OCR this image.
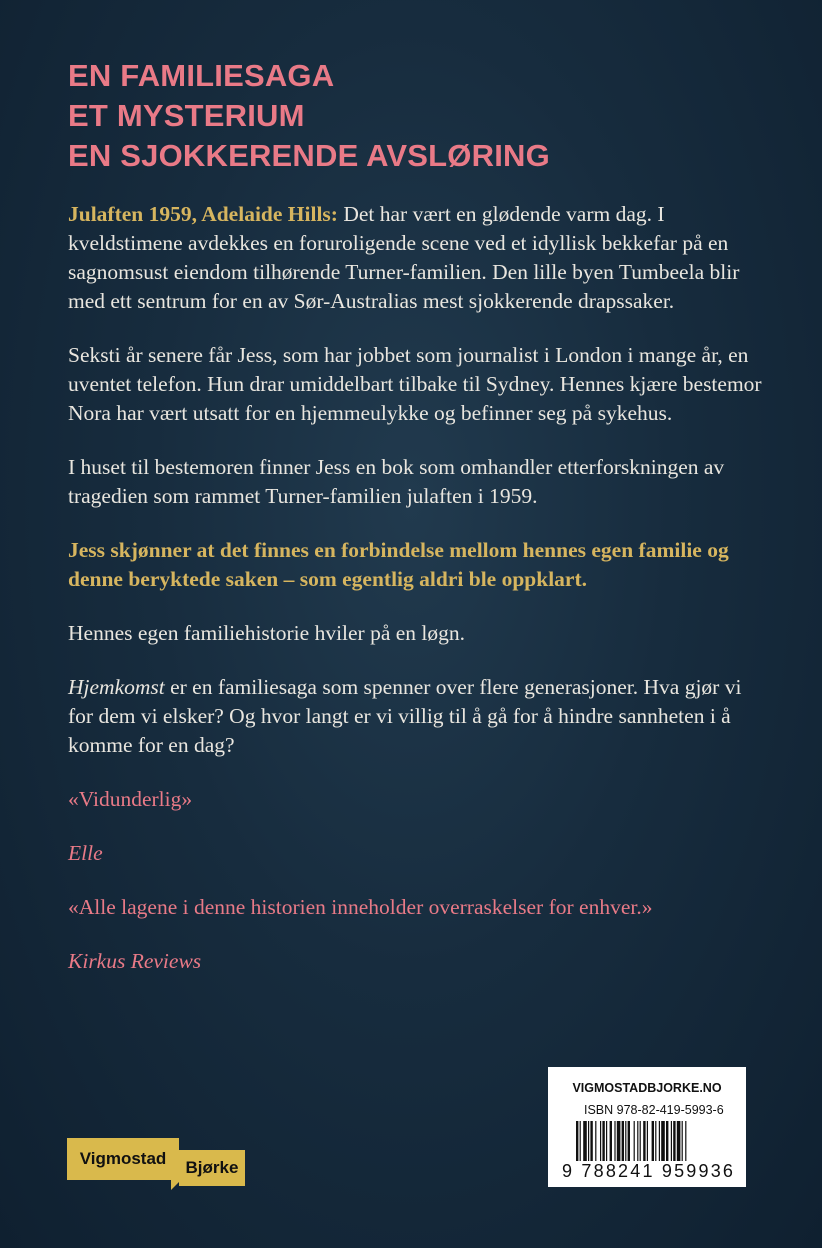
EN FAMILIESAGA
ET MYSTERIUM
EN SJOKKERENDE AVSLØRING

Julaften 1959, Adelaide Hills: Det har vært en glødende varm dag. I kveldstimene avdekkes en foruroligende scene ved et idyllisk bekkefar på en sagnomsust eiendom tilhørende Turner-familien. Den lille byen Tumbeela blir med ett sentrum for en av Sør-Australias mest sjokkerende drapssaker.

Seksti år senere får Jess, som har jobbet som journalist i London i mange år, en uventet telefon. Hun drar umiddelbart tilbake til Sydney. Hennes kjære bestemor Nora har vært utsatt for en hjemmeulykke og befinner seg på sykehus.

I huset til bestemoren finner Jess en bok som omhandler etterforskningen av tragedien som rammet Turner-familien julaften i 1959.

Jess skjønner at det finnes en forbindelse mellom hennes egen familie og denne beryktede saken – som egentlig aldri ble oppklart.

Hennes egen familiehistorie hviler på en løgn.

Hjemkomst er en familiesaga som spenner over flere generasjoner. Hva gjør vi for dem vi elsker? Og hvor langt er vi villig til å gå for å hindre sannheten i å komme for en dag?

«Vidunderlig»

Elle

«Alle lagene i denne historien inneholder overraskelser for enhver.»

Kirkus Reviews

Vigmostad	Bjørke
VIGMOSTADBJORKE.NO
ISBN 978-82-419-5993-6
9 788241 959936
